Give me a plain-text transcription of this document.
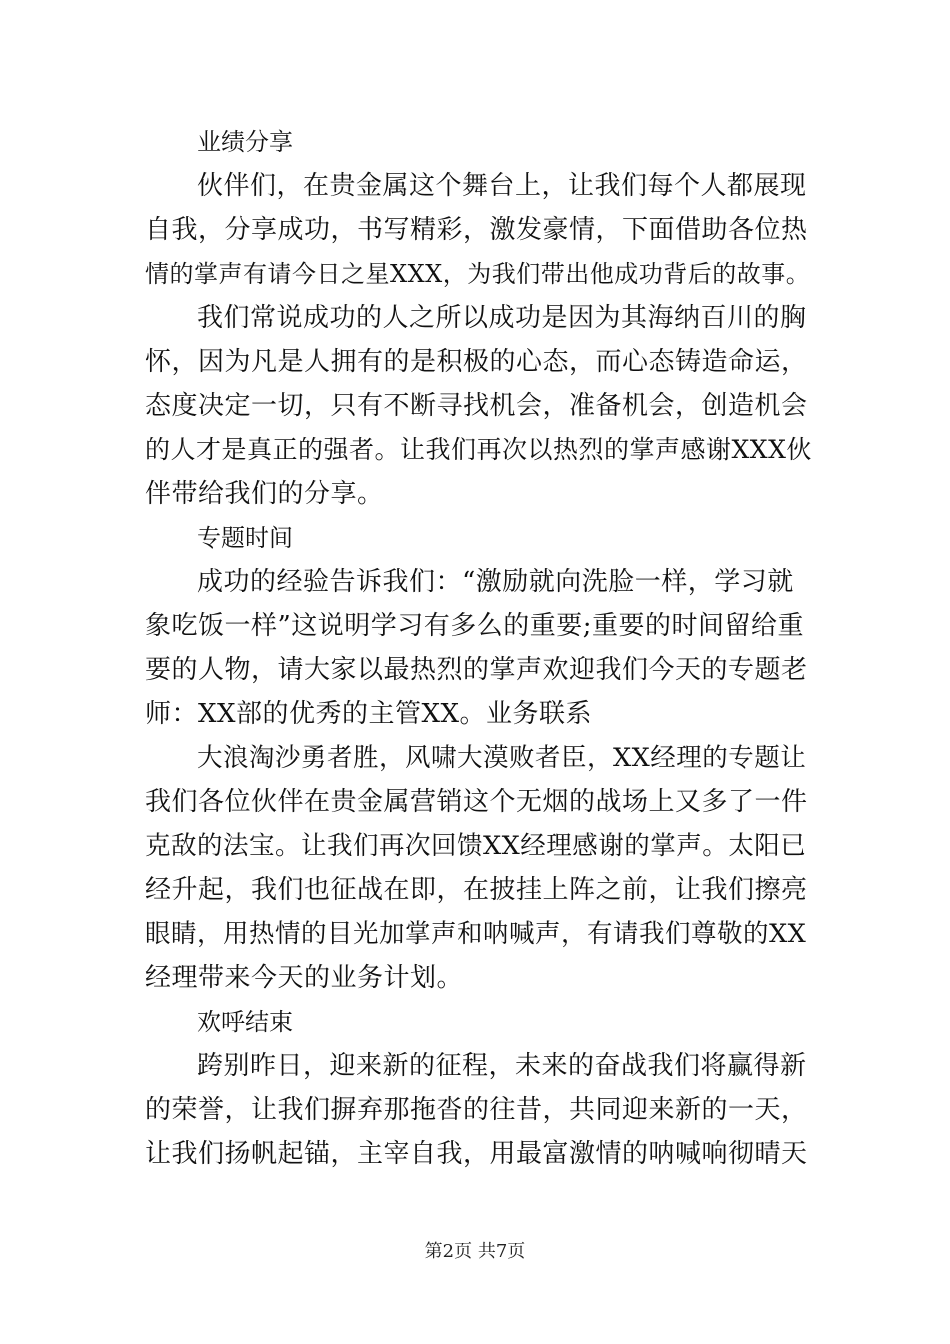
业绩分享
伙伴们，在贵金属这个舞台上，让我们每个人都展现
自我，分享成功，书写精彩，激发豪情，下面借助各位热
情的掌声有请今日之星XXX，为我们带出他成功背后的故事。
我们常说成功的人之所以成功是因为其海纳百川的胸
怀，因为凡是人拥有的是积极的心态，而心态铸造命运，
态度决定一切，只有不断寻找机会，准备机会，创造机会
的人才是真正的强者。让我们再次以热烈的掌声感谢XXX伙
伴带给我们的分享。
专题时间
成功的经验告诉我们：“激励就向洗脸一样，学习就
象吃饭一样”这说明学习有多么的重要;重要的时间留给重
要的人物，请大家以最热烈的掌声欢迎我们今天的专题老
师：XX部的优秀的主管XX。业务联系
大浪淘沙勇者胜，风啸大漠败者臣，XX经理的专题让
我们各位伙伴在贵金属营销这个无烟的战场上又多了一件
克敌的法宝。让我们再次回馈XX经理感谢的掌声。太阳已
经升起，我们也征战在即，在披挂上阵之前，让我们擦亮
眼睛，用热情的目光加掌声和呐喊声，有请我们尊敬的XX
经理带来今天的业务计划。
欢呼结束
跨别昨日，迎来新的征程，未来的奋战我们将赢得新
的荣誉，让我们摒弃那拖沓的往昔，共同迎来新的一天，
让我们扬帆起锚，主宰自我，用最富激情的呐喊响彻晴天
第2页 共7页
